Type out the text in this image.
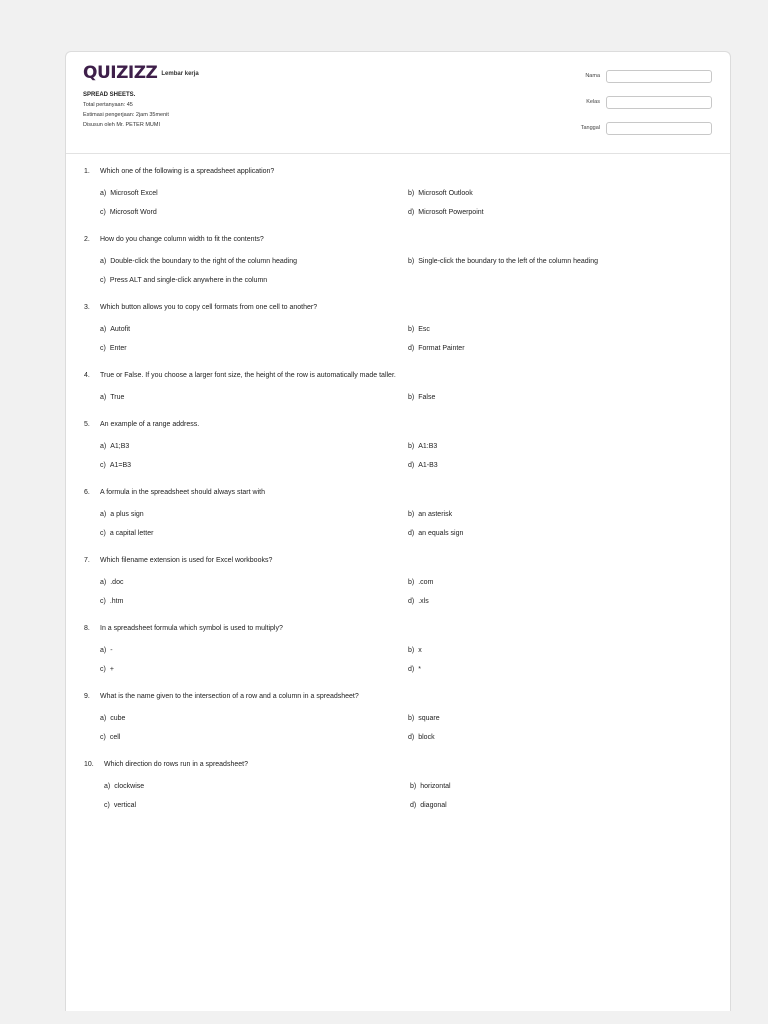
QUIZIZZ Lembar kerja
SPREAD SHEETS.
Total pertanyaan: 45
Estimasi pengerjaan: 2jam 35menit
Disusun oleh Mr. PETER MUMI
Nama
Kelas
Tanggal
1.	Which one of the following is a spreadsheet application?
a) Microsoft Excel	b) Microsoft Outlook
c) Microsoft Word	d) Microsoft Powerpoint
2.	How do you change column width to fit the contents?
a) Double-click the boundary to the right of the column heading	b) Single-click the boundary to the left of the column heading
c) Press ALT and single-click anywhere in the column
3.	Which button allows you to copy cell formats from one cell to another?
a) Autofit	b) Esc
c) Enter	d) Format Painter
4.	True or False. If you choose a larger font size, the height of the row is automatically made taller.
a) True	b) False
5.	An example of a range address.
a) A1;B3	b) A1:B3
c) A1=B3	d) A1-B3
6.	A formula in the spreadsheet should always start with
a) a plus sign	b) an asterisk
c) a capital letter	d) an equals sign
7.	Which filename extension is used for Excel workbooks?
a) .doc	b) .com
c) .htm	d) .xls
8.	In a spreadsheet formula which symbol is used to multiply?
a) -	b) x
c) +	d) *
9.	What is the name given to the intersection of a row and a column in a spreadsheet?
a) cube	b) square
c) cell	d) block
10.	Which direction do rows run in a spreadsheet?
a) clockwise	b) horizontal
c) vertical	d) diagonal
